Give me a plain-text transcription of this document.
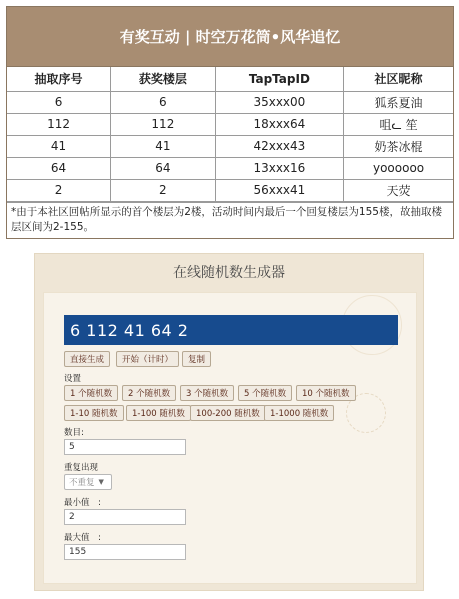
有奖互动 | 时空万花筒•风华追忆
抽取序号	获奖楼层	TapTapID	社区昵称
6	6	35xxx00	狐系夏油
112	112	18xxx64	咀ᓚ 笙
41	41	42xxx43	奶茶冰棍
64	64	13xxx16	yoooooo
2	2	56xxx41	天荧
*由于本社区回帖所显示的首个楼层为2楼，活动时间内最后一个回复楼层为155楼，故抽取楼层区间为2-155。
在线随机数生成器
6 112 41 64 2
直接生成	开始（计时）	复制
设置
1 个随机数	2 个随机数	3 个随机数	5 个随机数	10 个随机数
1-10 随机数	1-100 随机数	100-200 随机数	1-1000 随机数
数目:
5
重复出现
不重复 ▼
最小值　:
2
最大值　:
155
